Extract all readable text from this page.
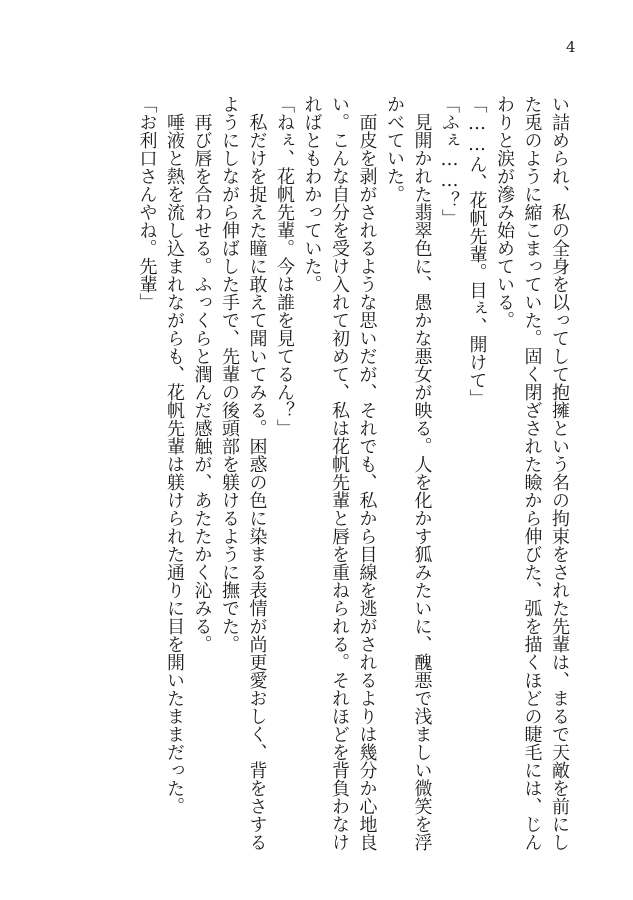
4
い詰められ、私の全身を以ってして抱擁という名の拘束をされた先輩は、まるで天敵を前にし
た兎のように縮こまっていた。固く閉ざされた瞼から伸びた、弧を描くほどの睫毛には、じん
わりと涙が滲み始めている。
「……ん、花帆先輩。目ぇ、開けて」
「ふぇ……？」
　見開かれた翡翠色に、愚かな悪女が映る。人を化かす狐みたいに、醜悪で浅ましい微笑を浮
かべていた。
　面皮を剥がされるような思いだが、それでも、私から目線を逃がされるよりは幾分か心地良
い。こんな自分を受け入れて初めて、私は花帆先輩と唇を重ねられる。それほどを背負わなけ
ればともわかっていた。
「ねぇ、花帆先輩。今は誰を見てるん？」
　私だけを捉えた瞳に敢えて聞いてみる。困惑の色に染まる表情が尚更愛おしく、背をさする
ようにしながら伸ばした手で、先輩の後頭部を躾けるように撫でた。
　再び唇を合わせる。ふっくらと潤んだ感触が、あたたかく沁みる。
　唾液と熱を流し込まれながらも、花帆先輩は躾けられた通りに目を開いたままだった。
「お利口さんやね。先輩」
